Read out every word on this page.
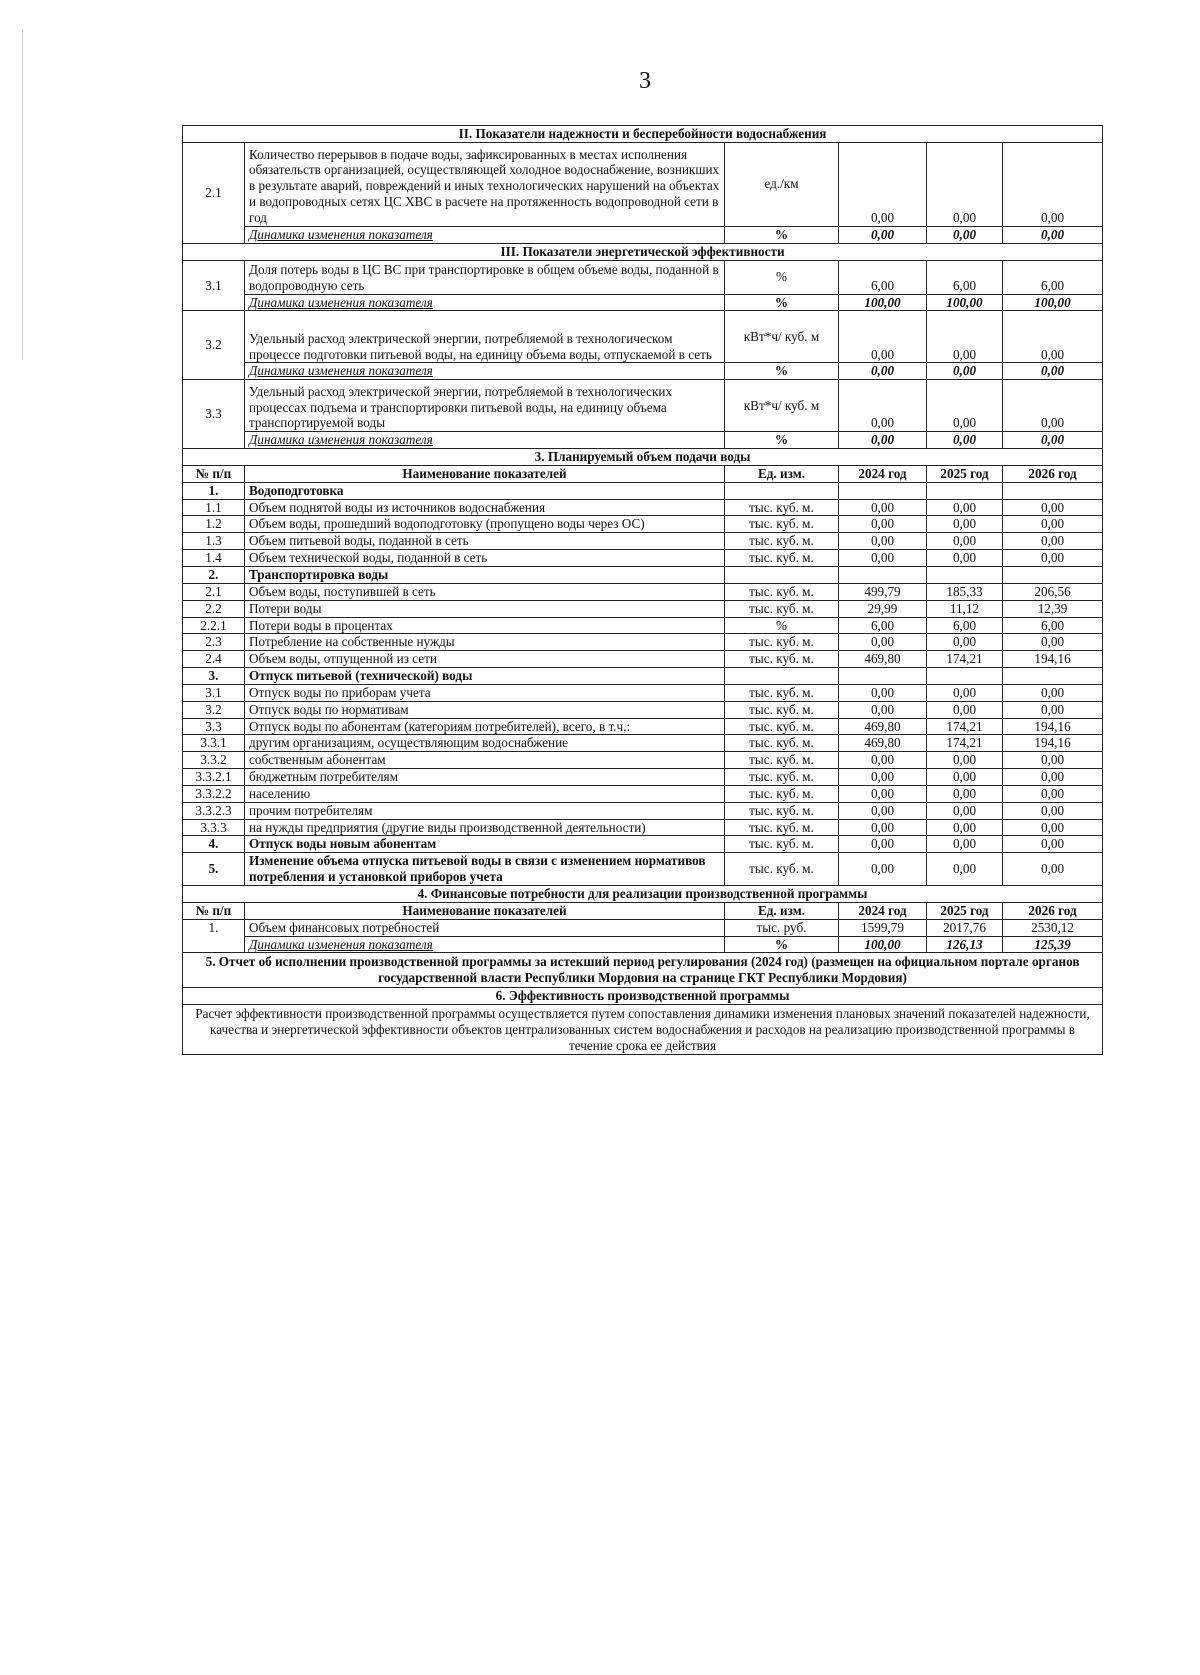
3
II. Показатели надежности и бесперебойности водоснабжения					
2.1	Количество перерывов в подаче воды, зафиксированных в местах исполнения обязательств организацией, осуществляющей холодное водоснабжение, возникших в результате аварий, повреждений и иных технологических нарушений на объектах и водопроводных сетях ЦС ХВС в расчете на протяженность водопроводной сети в год	ед./км	0,00	0,00	0,00
	Динамика изменения показателя	%	0,00	0,00	0,00
III. Показатели энергетической эффективности					
3.1	Доля потерь воды в ЦС ВС при транспортировке в общем объеме воды, поданной в водопроводную сеть	%	6,00	6,00	6,00
	Динамика изменения показателя	%	100,00	100,00	100,00
3.2	Удельный расход электрической энергии, потребляемой в технологическом процессе подготовки питьевой воды, на единицу объема воды, отпускаемой в сеть	кВт*ч/ куб. м	0,00	0,00	0,00
	Динамика изменения показателя	%	0,00	0,00	0,00
3.3	Удельный расход электрической энергии, потребляемой в технологических процессах подъема и транспортировки питьевой воды, на единицу объема транспортируемой воды	кВт*ч/ куб. м	0,00	0,00	0,00
	Динамика изменения показателя	%	0,00	0,00	0,00
3. Планируемый объем подачи воды					
№ п/п	Наименование показателей	Ед. изм.	2024 год	2025 год	2026 год
1.	Водоподготовка				
1.1	Объем поднятой воды из источников водоснабжения	тыс. куб. м.	0,00	0,00	0,00
1.2	Объем воды, прошедший водоподготовку (пропущено воды через ОС)	тыс. куб. м.	0,00	0,00	0,00
1.3	Объем питьевой воды, поданной в сеть	тыс. куб. м.	0,00	0,00	0,00
1.4	Объем технической воды, поданной в сеть	тыс. куб. м.	0,00	0,00	0,00
2.	Транспортировка воды				
2.1	Объем воды, поступившей в сеть	тыс. куб. м.	499,79	185,33	206,56
2.2	Потери воды	тыс. куб. м.	29,99	11,12	12,39
2.2.1	Потери воды в процентах	%	6,00	6,00	6,00
2.3	Потребление на собственные нужды	тыс. куб. м.	0,00	0,00	0,00
2.4	Объем воды, отпущенной из сети	тыс. куб. м.	469,80	174,21	194,16
3.	Отпуск питьевой (технической) воды				
3.1	Отпуск воды по приборам учета	тыс. куб. м.	0,00	0,00	0,00
3.2	Отпуск воды по нормативам	тыс. куб. м.	0,00	0,00	0,00
3.3	Отпуск воды по абонентам (категориям потребителей), всего, в т.ч.:	тыс. куб. м.	469,80	174,21	194,16
3.3.1	другим организациям, осуществляющим водоснабжение	тыс. куб. м.	469,80	174,21	194,16
3.3.2	собственным абонентам	тыс. куб. м.	0,00	0,00	0,00
3.3.2.1	бюджетным потребителям	тыс. куб. м.	0,00	0,00	0,00
3.3.2.2	населению	тыс. куб. м.	0,00	0,00	0,00
3.3.2.3	прочим потребителям	тыс. куб. м.	0,00	0,00	0,00
3.3.3	на нужды предприятия (другие виды производственной деятельности)	тыс. куб. м.	0,00	0,00	0,00
4.	Отпуск воды новым абонентам	тыс. куб. м.	0,00	0,00	0,00
5.	Изменение объема отпуска питьевой воды в связи с изменением нормативов потребления и установкой приборов учета	тыс. куб. м.	0,00	0,00	0,00
4. Финансовые потребности для реализации производственной программы					
№ п/п	Наименование показателей	Ед. изм.	2024 год	2025 год	2026 год
1.	Объем финансовых потребностей	тыс. руб.	1599,79	2017,76	2530,12
	Динамика изменения показателя	%	100,00	126,13	125,39
5. Отчет об исполнении производственной программы за истекший период регулирования (2024 год) (размещен на официальном портале органов государственной власти Республики Мордовия на странице ГКТ Республики Мордовия)					
6. Эффективность производственной программы					
Расчет эффективности производственной программы осуществляется путем сопоставления динамики изменения плановых значений показателей надежности, качества и энергетической эффективности объектов централизованных систем водоснабжения и расходов на реализацию производственной программы в течение срока ее действия					
